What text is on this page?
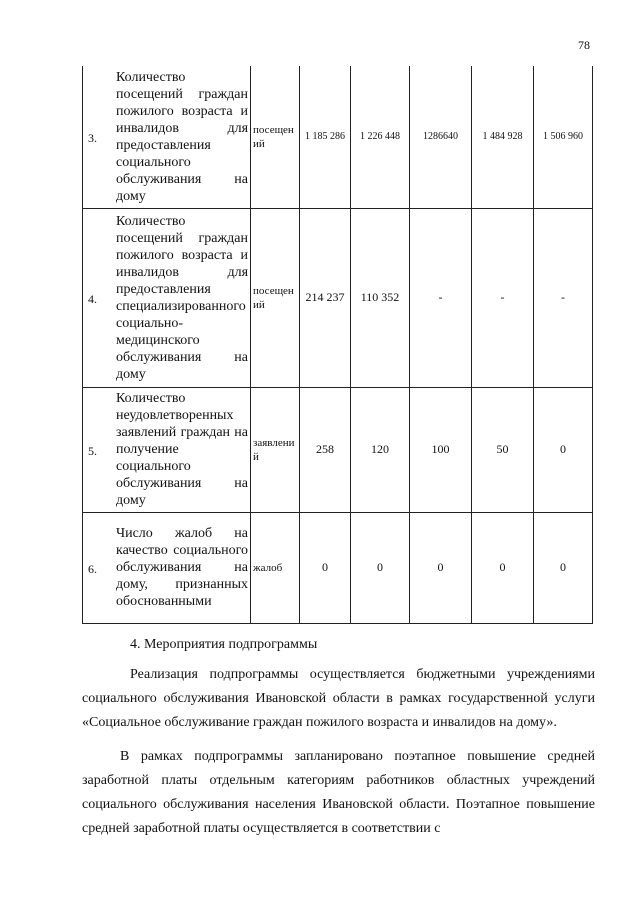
78
3.
Количество посещений граждан пожилого возраста и инвалидов для предоставления социального обслуживания на дому	посещений	1 185 286	1 226 448	1286640	1 484 928	1 506 960

4.
Количество посещений граждан пожилого возраста и инвалидов для предоставления специализированного социально-медицинского обслуживания на дому	посещений	214 237	110 352	-	-	-

5.
Количество неудовлетворенных заявлений граждан на получение социального обслуживания на дому	заявлений	258	120	100	50	0

6.
Число жалоб на качество социального обслуживания на дому, признанных обоснованными	жалоб	0	0	0	0	0
4. Мероприятия подпрограммы
Реализация подпрограммы осуществляется бюджетными учреждениями социального обслуживания Ивановской области в рамках государственной услуги «Социальное обслуживание граждан пожилого возраста и инвалидов на дому».
В рамках подпрограммы запланировано поэтапное повышение средней заработной платы отдельным категориям работников областных учреждений социального обслуживания населения Ивановской области. Поэтапное повышение средней заработной платы осуществляется в соответствии с
